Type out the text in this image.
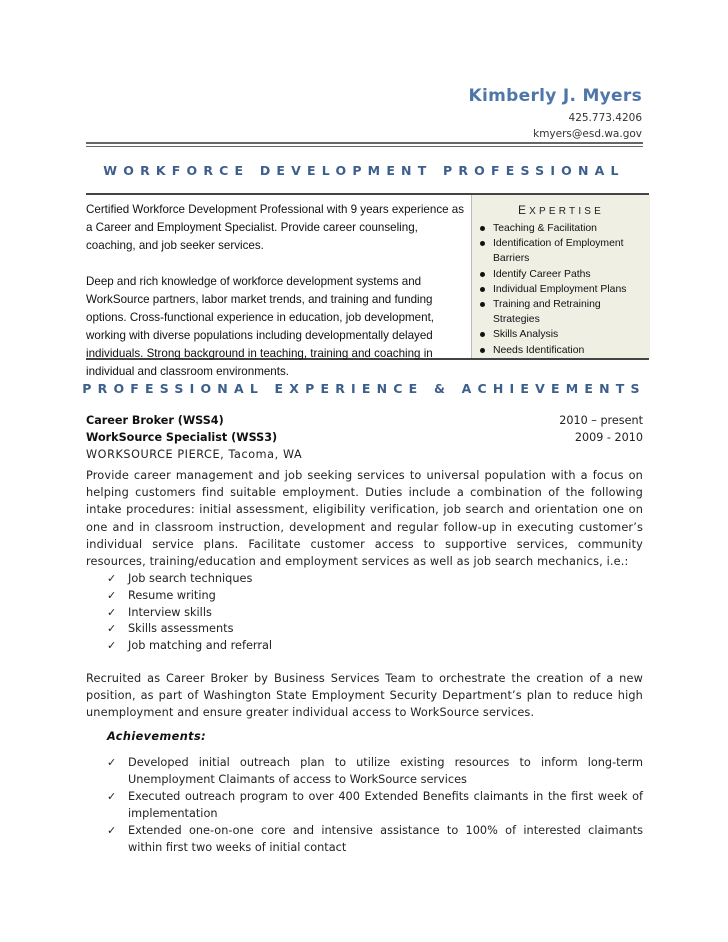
Kimberly J. Myers
425.773.4206
kmyers@esd.wa.gov
WORKFORCE DEVELOPMENT PROFESSIONAL

Certified Workforce Development Professional with 9 years experience as a Career and Employment Specialist. Provide career counseling, coaching, and job seeker services.

Deep and rich knowledge of workforce development systems and WorkSource partners, labor market trends, and training and funding options. Cross-functional experience in education, job development, working with diverse populations including developmentally delayed individuals. Strong background in teaching, training and coaching in individual and classroom environments.

EXPERTISE
Teaching & Facilitation
Identification of Employment Barriers
Identify Career Paths
Individual Employment Plans
Training and Retraining Strategies
Skills Analysis
Needs Identification
PROFESSIONAL EXPERIENCE & ACHIEVEMENTS
Career Broker (WSS4)	2010 – present
WorkSource Specialist (WSS3)	2009 - 2010
WORKSOURCE PIERCE, Tacoma, WA
Provide career management and job seeking services to universal population with a focus on helping customers find suitable employment. Duties include a combination of the following intake procedures: initial assessment, eligibility verification, job search and orientation one on one and in classroom instruction, development and regular follow-up in executing customer’s individual service plans. Facilitate customer access to supportive services, community resources, training/education and employment services as well as job search mechanics, i.e.:
✓ Job search techniques
✓ Resume writing
✓ Interview skills
✓ Skills assessments
✓ Job matching and referral
Recruited as Career Broker by Business Services Team to orchestrate the creation of a new position, as part of Washington State Employment Security Department’s plan to reduce high unemployment and ensure greater individual access to WorkSource services.
Achievements:
✓ Developed initial outreach plan to utilize existing resources to inform long-term Unemployment Claimants of access to WorkSource services
✓ Executed outreach program to over 400 Extended Benefits claimants in the first week of implementation
✓ Extended one-on-one core and intensive assistance to 100% of interested claimants within first two weeks of initial contact
